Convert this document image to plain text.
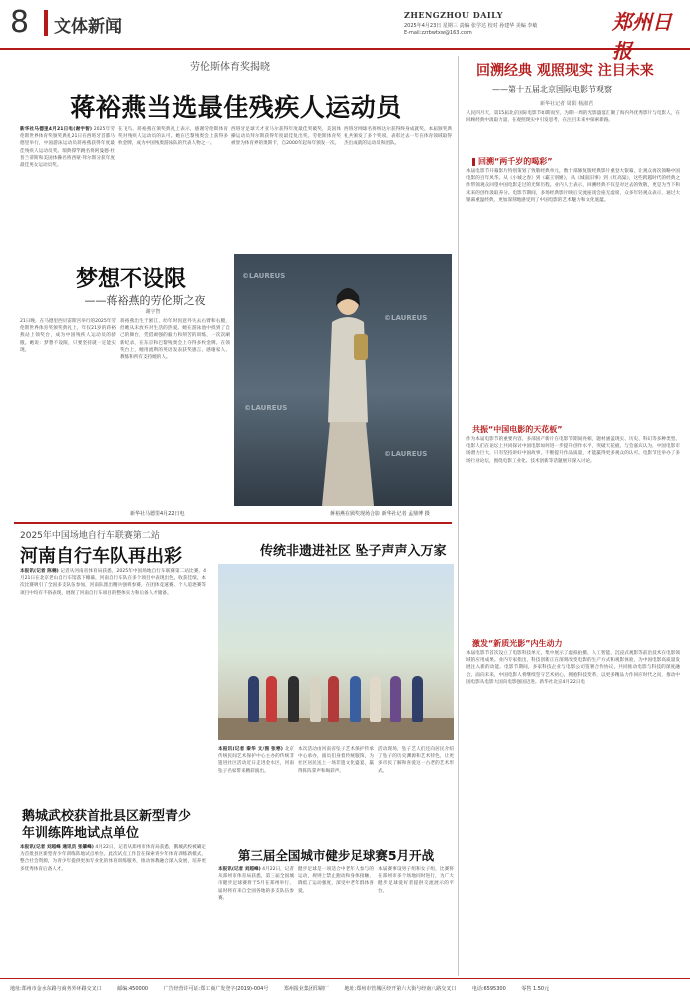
8 文体新闻
ZHENGZHOU DAILY
2025年4月23日 星期三 责编 张学达 校对 孙建华 美编 李敏
E-mail:zzrbwtxw@163.com	郑州日报
劳伦斯体育奖揭晓
蒋裕燕当选最佳残疾人运动员
新华社马德里4月21日电(谢宇智) 2025年劳伦斯世界体育奖颁奖典礼21日在西班牙首都马德里举行，中国游泳运动员蒋裕燕获得年度最佳残疾人运动员奖。瑞典撑竿跳名将阿曼德·杜普兰蒂斯和美国体操名将西蒙·拜尔斯分获年度最佳男女运动员奖。
在飞鸟、蒋裕燕在颁奖典礼上表示，感谢劳伦斯体育奖对残疾人运动员的认可。她在巴黎残奥会上获得多枚金牌，成为中国残奥游泳队的代表人物之一。
西班牙足球天才亚马尔获得年度最佳突破奖，美国体操运动员拜尔斯获得年度最佳复出奖。劳伦斯体育奖被誉为体育界的奥斯卡，自2000年起每年颁发一次。
西班牙网球名将纳达尔获得终身成就奖。本届颁奖典礼共颁发了多个奖项，表彰过去一年在体育领域取得杰出成就的运动员和团队。
梦想不设限
——蒋裕燕的劳伦斯之夜
谢宇智
21日晚，在马德里西贝雷斯宫举行的2025年劳伦斯世界体育奖颁奖典礼上，年仅21岁的蒋裕燕站上领奖台，成为中国残疾人运动员的骄傲。她说：梦想不设限，只要坚持就一定能实现。
蒋裕燕出生于浙江，幼年时因意外失去右臂和右腿，但她从未放弃对生活的热爱。她在游泳池中找到了自己的舞台，凭借顽强的毅力和刻苦的训练，一次次刷新纪录，在东京和巴黎残奥会上夺得多枚金牌。在领奖台上，她用流利的英语发表获奖感言，感谢家人、教练和所有支持她的人。
©LAUREUS
©LAUREUS
©LAUREUS
©LAUREUS
蒋裕燕在颁奖现场合影 新华社记者 孟鼎博 摄
新华社马德里4月22日电
2025年中国场地自行车联赛第二站
河南自行车队再出彩
本报讯(记者 陈楠) 记者从河南省体育局获悉，2025年中国场地自行车联赛第二站比赛，4月21日在北京老山自行车馆落下帷幕，河南自行车队在多个项目中表现出色，收获佳绩。本次比赛吸引了全国多支队伍参加，河南队派出精兵强将参赛，在团体竞速赛、个人追逐赛等项目中均有不俗表现，展现了河南自行车项目的整体实力和后备人才储备。
鹅城武校获首批县区新型青少年训练阵地试点单位
本报讯(记者 刘超峰 通讯员 张肇峰) 4月22日，记者从郑州市体育局获悉，鹅城武校被确定为首批县区新型青少年训练阵地试点单位。此次试点工作旨在探索青少年体育训练新模式，整合社会资源，为青少年提供更加专业化的体育训练服务，推动体教融合深入发展，培养更多优秀体育后备人才。
传统非遗进社区 坠子声声入万家
本报讯(记者 秦华 文/图 张寒) 北京传统民间艺术保护中心主办的传统非遗进社区活动近日走进金水区，河南坠子名家带来精彩演出。
本次活动由河南省坠子艺术保护传承中心承办，演员们身着传统服饰，为社区居民送上一场非遗文化盛宴，赢得阵阵掌声和喝彩声。
活动现场，坠子艺人们还向居民介绍了坠子的历史渊源和艺术特色，让更多市民了解和喜爱这一古老的艺术形式。
第三届全国城市健步足球赛5月开战
本报讯(记者 刘超峰) 4月22日，记者从郑州市体育局获悉，第三届全国城市健步足球赛将于5月在郑州举行，届时将有来自全国各地的多支队伍参赛。
健步足球是一项适合中老年人参与的运动，规则上禁止跑动和身体接触，降低了运动强度，深受中老年群体喜爱。
本届赛事设男子组和女子组，比赛将在郑州市多个场地同时进行，为广大健步足球爱好者提供交流展示的平台。
回溯经典 观照现实 注目未来
——第十五届北京国际电影节观察
新华社记者 周阳 杨淑君
人民四月天，第15届北京国际电影节如期而至，为期一周的光影盛宴汇聚了海内外优秀影片与电影人，在回顾经典中汲取力量，在观照现实中引发思考，在注目未来中探索新路。
回溯“两千岁的喝彩”
本届电影节开幕影片特别策划了致敬经典单元，数十部修复版经典影片重登大银幕，让观众再次领略中国电影的百年风华。从《小城之春》到《霸王别姬》，从《城南旧事》到《红高粱》，这些跨越时代的经典之作带领观众回望中国电影走过的光辉历程。业内人士表示，回溯经典不仅是对过去的致敬，更是为当下和未来的创作汲取养分。电影节期间，多场经典影片映后交流座谈会座无虚席，众多年轻观众表示，通过大银幕重温经典，更加深刻地感受到了中国电影的艺术魅力和文化底蕴。
共振“中国电影的天花板”
作为本届电影节的重要内容，多部国产新片在电影节期间亮相，题材涵盖现实、历史、科幻等多种类型。电影人们在论坛上共同探讨中国电影如何进一步提升创作水平，突破天花板。与会嘉宾认为，中国电影市场潜力巨大，只有坚持讲好中国故事，不断提升作品质量，才能赢得更多观众的认可。电影节还举办了多场行业论坛，围绕电影工业化、技术创新等话题展开深入讨论。
激发“新质光影”内生动力
本届电影节首次设立了电影科技单元，集中展示了虚拟拍摄、人工智能、沉浸式观影等前沿技术在电影领域的应用成果。业内专家指出，科技创新正在深刻改变电影的生产方式和观影体验，为中国电影高质量发展注入新的动能。电影节期间，多家科技企业与电影公司签署合作协议，共同推动电影与科技的深度融合。面向未来，中国电影人将继续坚守艺术初心，拥抱科技变革，以更多精品力作回应时代之问，推动中国电影从电影大国向电影强国迈进。新华社北京4月22日电
地址:郑州市金水东路与商务外环路交叉口	邮编:450000	广告经营许可证:郑工商广发登字(2019)-004号	郑州报业集团印刷厂	地址:郑州市管城区经开第六大街与经南八路交叉口	电话:6595300	零售 1.50元
